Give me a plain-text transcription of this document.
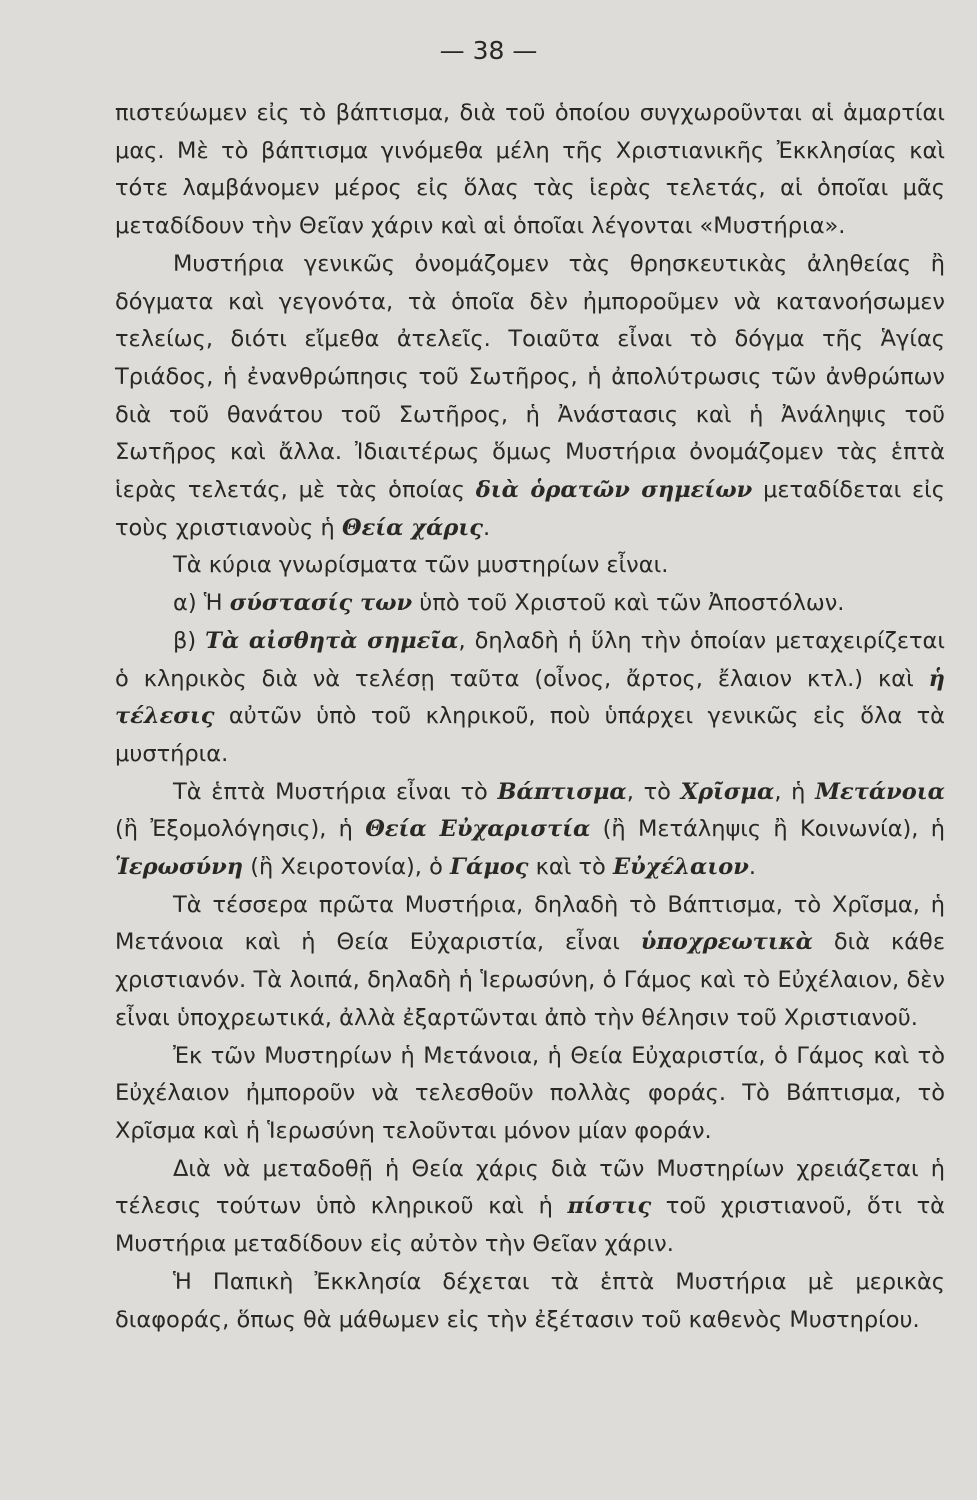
— 38 —

πιστεύωμεν εἰς τὸ βάπτισμα, διὰ τοῦ ὁποίου συγχωροῦνται αἱ ἁμαρτίαι μας. Μὲ τὸ βάπτισμα γινόμεθα μέλη τῆς Χριστιανικῆς Ἐκκλησίας καὶ τότε λαμβάνομεν μέρος εἰς ὅλας τὰς ἱερὰς τελετάς, αἱ ὁποῖαι μᾶς μεταδίδουν τὴν Θεῖαν χάριν καὶ αἱ ὁποῖαι λέγονται «Μυστήρια».

Μυστήρια γενικῶς ὀνομάζομεν τὰς θρησκευτικὰς ἀληθείας ἢ δόγματα καὶ γεγονότα, τὰ ὁποῖα δὲν ἠμποροῦμεν νὰ κατανοήσωμεν τελείως, διότι εἴμεθα ἀτελεῖς. Τοιαῦτα εἶναι τὸ δόγμα τῆς Ἁγίας Τριάδος, ἡ ἐνανθρώπησις τοῦ Σωτῆρος, ἡ ἀπολύτρωσις τῶν ἀνθρώπων διὰ τοῦ θανάτου τοῦ Σωτῆρος, ἡ Ἀνάστασις καὶ ἡ Ἀνάληψις τοῦ Σωτῆρος καὶ ἄλλα. Ἰδιαιτέρως ὅμως Μυστήρια ὀνομάζομεν τὰς ἑπτὰ ἱερὰς τελετάς, μὲ τὰς ὁποίας διὰ ὁρατῶν σημείων μεταδίδεται εἰς τοὺς χριστιανοὺς ἡ Θεία χάρις.

Τὰ κύρια γνωρίσματα τῶν μυστηρίων εἶναι.

α) Ἡ σύστασίς των ὑπὸ τοῦ Χριστοῦ καὶ τῶν Ἀποστόλων.

β) Τὰ αἰσθητὰ σημεῖα, δηλαδὴ ἡ ὕλη τὴν ὁποίαν μεταχειρίζεται ὁ κληρικὸς διὰ νὰ τελέσῃ ταῦτα (οἶνος, ἄρτος, ἔλαιον κτλ.) καὶ ἡ τέλεσις αὐτῶν ὑπὸ τοῦ κληρικοῦ, ποὺ ὑπάρχει γενικῶς εἰς ὅλα τὰ μυστήρια.

Τὰ ἑπτὰ Μυστήρια εἶναι τὸ Βάπτισμα, τὸ Χρῖσμα, ἡ Μετάνοια (ἢ Ἐξομολόγησις), ἡ Θεία Εὐχαριστία (ἢ Μετάληψις ἢ Κοινωνία), ἡ Ἱερωσύνη (ἢ Χειροτονία), ὁ Γάμος καὶ τὸ Εὐχέλαιον.

Τὰ τέσσερα πρῶτα Μυστήρια, δηλαδὴ τὸ Βάπτισμα, τὸ Χρῖσμα, ἡ Μετάνοια καὶ ἡ Θεία Εὐχαριστία, εἶναι ὑποχρεωτικὰ διὰ κάθε χριστιανόν. Τὰ λοιπά, δηλαδὴ ἡ Ἱερωσύνη, ὁ Γάμος καὶ τὸ Εὐχέλαιον, δὲν εἶναι ὑποχρεωτικά, ἀλλὰ ἐξαρτῶνται ἀπὸ τὴν θέλησιν τοῦ Χριστιανοῦ.

Ἐκ τῶν Μυστηρίων ἡ Μετάνοια, ἡ Θεία Εὐχαριστία, ὁ Γάμος καὶ τὸ Εὐχέλαιον ἠμποροῦν νὰ τελεσθοῦν πολλὰς φοράς. Τὸ Βάπτισμα, τὸ Χρῖσμα καὶ ἡ Ἱερωσύνη τελοῦνται μόνον μίαν φοράν.

Διὰ νὰ μεταδοθῇ ἡ Θεία χάρις διὰ τῶν Μυστηρίων χρειάζεται ἡ τέλεσις τούτων ὑπὸ κληρικοῦ καὶ ἡ πίστις τοῦ χριστιανοῦ, ὅτι τὰ Μυστήρια μεταδίδουν εἰς αὐτὸν τὴν Θεῖαν χάριν.

Ἡ Παπικὴ Ἐκκλησία δέχεται τὰ ἑπτὰ Μυστήρια μὲ μερικὰς διαφοράς, ὅπως θὰ μάθωμεν εἰς τὴν ἐξέτασιν τοῦ καθενὸς Μυστηρίου.
